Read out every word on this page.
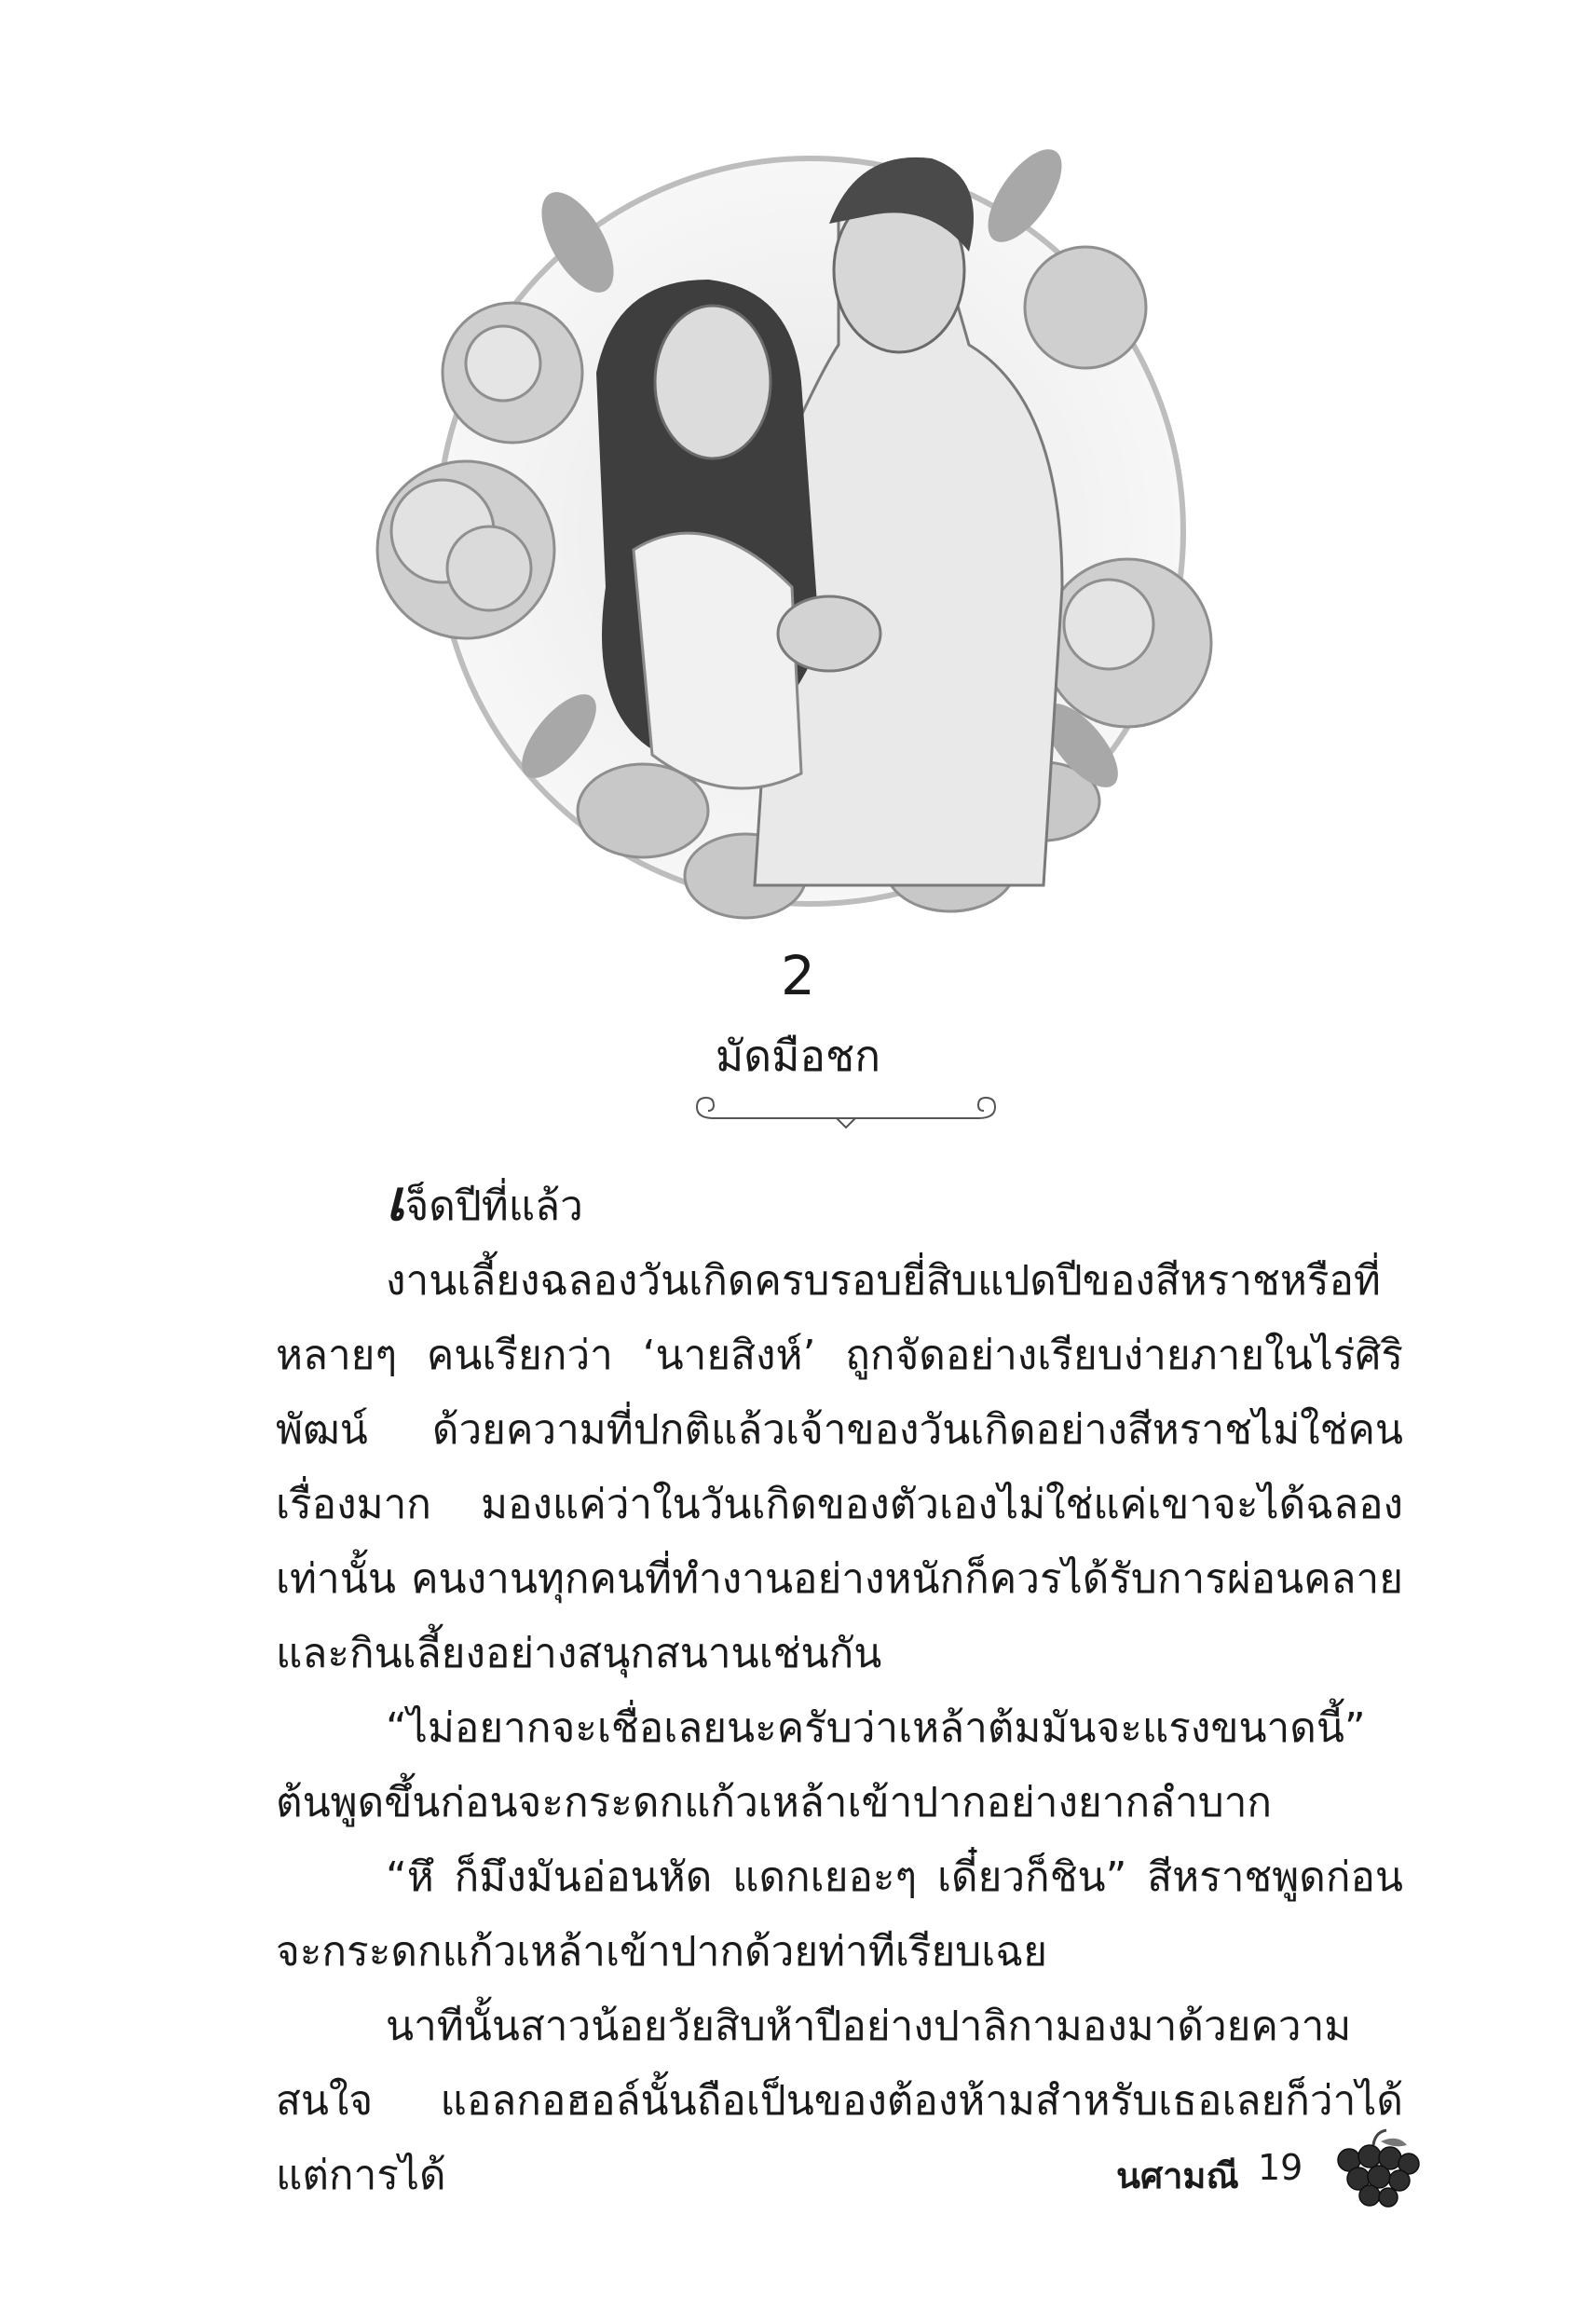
2
มัดมือชก

เจ็ดปีที่แล้ว

งานเลี้ยงฉลองวันเกิดครบรอบยี่สิบแปดปีของสีหราชหรือที่หลายๆ คนเรียกว่า ‘นายสิงห์’ ถูกจัดอย่างเรียบง่ายภายในไร่ศิริพัฒน์ ด้วยความที่ปกติแล้วเจ้าของวันเกิดอย่างสีหราชไม่ใช่คนเรื่องมาก มองแค่ว่าในวันเกิดของตัวเองไม่ใช่แค่เขาจะได้ฉลองเท่านั้น คนงานทุกคนที่ทำงานอย่างหนักก็ควรได้รับการผ่อนคลายและกินเลี้ยงอย่างสนุกสนานเช่นกัน

“ไม่อยากจะเชื่อเลยนะครับว่าเหล้าต้มมันจะแรงขนาดนี้” ต้นพูดขึ้นก่อนจะกระดกแก้วเหล้าเข้าปากอย่างยากลำบาก

“หึ ก็มึงมันอ่อนหัด แดกเยอะๆ เดี๋ยวก็ชิน” สีหราชพูดก่อนจะกระดกแก้วเหล้าเข้าปากด้วยท่าทีเรียบเฉย

นาทีนั้นสาวน้อยวัยสิบห้าปีอย่างปาลิกามองมาด้วยความสนใจ แอลกอฮอล์นั้นถือเป็นของต้องห้ามสำหรับเธอเลยก็ว่าได้ แต่การได้	นศามณี 19
